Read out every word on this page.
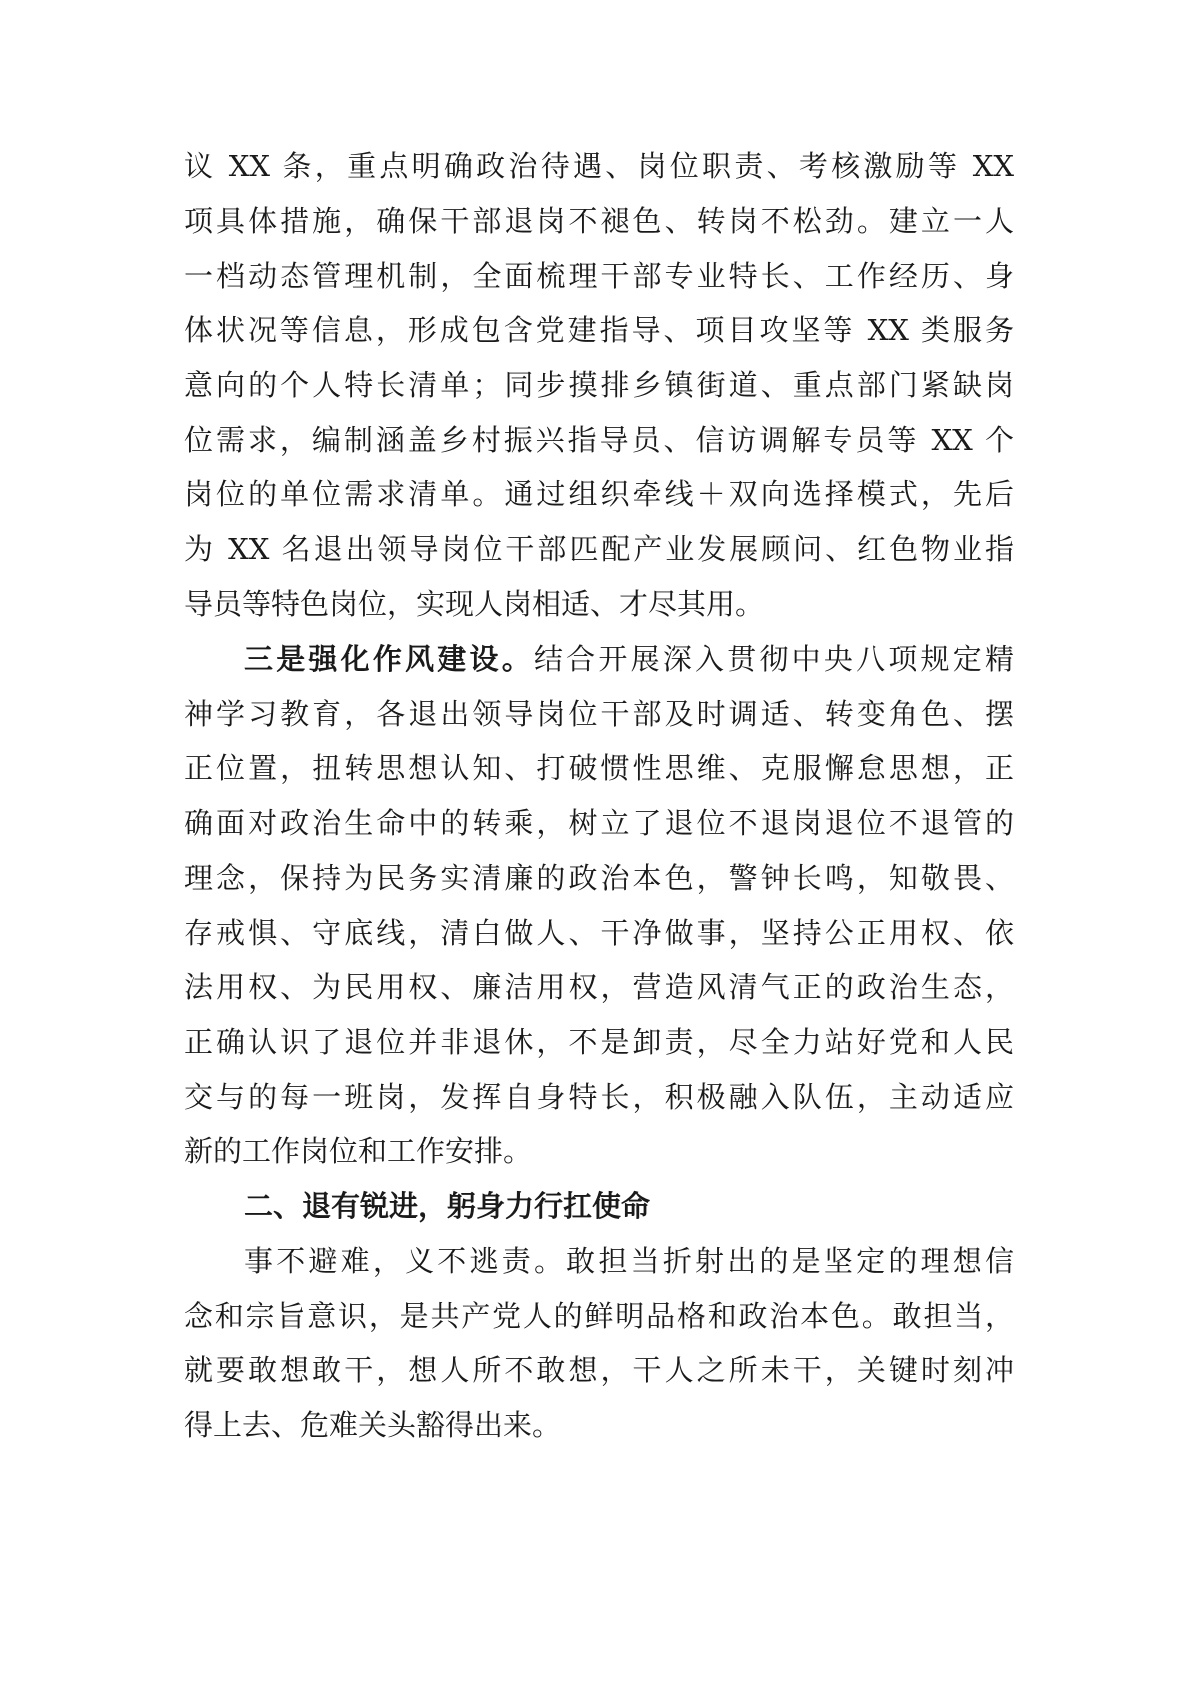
议 XX 条，重点明确政治待遇、岗位职责、考核激励等 XX
项具体措施，确保干部退岗不褪色、转岗不松劲。建立一人
一档动态管理机制，全面梳理干部专业特长、工作经历、身
体状况等信息，形成包含党建指导、项目攻坚等 XX 类服务
意向的个人特长清单；同步摸排乡镇街道、重点部门紧缺岗
位需求，编制涵盖乡村振兴指导员、信访调解专员等 XX 个
岗位的单位需求清单。通过组织牵线＋双向选择模式，先后
为 XX 名退出领导岗位干部匹配产业发展顾问、红色物业指
导员等特色岗位，实现人岗相适、才尽其用。
三是强化作风建设。结合开展深入贯彻中央八项规定精
神学习教育，各退出领导岗位干部及时调适、转变角色、摆
正位置，扭转思想认知、打破惯性思维、克服懈怠思想，正
确面对政治生命中的转乘，树立了退位不退岗退位不退管的
理念，保持为民务实清廉的政治本色，警钟长鸣，知敬畏、
存戒惧、守底线，清白做人、干净做事，坚持公正用权、依
法用权、为民用权、廉洁用权，营造风清气正的政治生态，
正确认识了退位并非退休，不是卸责，尽全力站好党和人民
交与的每一班岗，发挥自身特长，积极融入队伍，主动适应
新的工作岗位和工作安排。
二、退有锐进，躬身力行扛使命
事不避难，义不逃责。敢担当折射出的是坚定的理想信
念和宗旨意识，是共产党人的鲜明品格和政治本色。敢担当，
就要敢想敢干，想人所不敢想，干人之所未干，关键时刻冲
得上去、危难关头豁得出来。
